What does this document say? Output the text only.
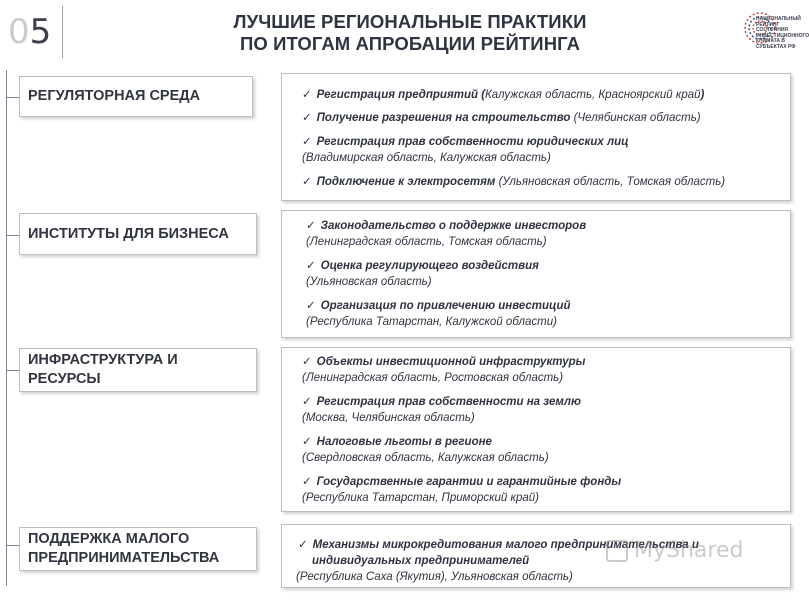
05	ЛУЧШИЕ РЕГИОНАЛЬНЫЕ ПРАКТИКИ
ПО ИТОГАМ АПРОБАЦИИ РЕЙТИНГА
НАЦИОНАЛЬНЫЙ РЕЙТИНГ СОСТОЯНИЯ ИНВЕСТИЦИОННОГО КЛИМАТА В СУБЪЕКТАХ РФ
РЕГУЛЯТОРНАЯ СРЕДА	✓ Регистрация предприятий (Калужская область, Красноярский край)
✓ Получение разрешения на строительство (Челябинская область)
✓ Регистрация прав собственности юридических лиц
(Владимирская область, Калужская область)
✓ Подключение к электросетям (Ульяновская область, Томская область)
ИНСТИТУТЫ ДЛЯ БИЗНЕСА	✓ Законодательство о поддержке инвесторов
(Ленинградская область, Томская область)
✓ Оценка регулирующего воздействия
(Ульяновская область)
✓ Организация по привлечению инвестиций
(Республика Татарстан, Калужской области)
ИНФРАСТРУКТУРА И
РЕСУРСЫ
✓ Объекты инвестиционной инфраструктуры
(Ленинградская область, Ростовская область)
✓ Регистрация прав собственности на землю
(Москва, Челябинская область)
✓ Налоговые льготы в регионе
(Свердловская область, Калужская область)
✓ Государственные гарантии и гарантийные фонды
(Республика Татарстан, Приморский край)
ПОДДЕРЖКА МАЛОГО
ПРЕДПРИНИМАТЕЛЬСТВА
✓ Механизмы микрокредитования малого предпринимательства и
индивидуальных предпринимателей
(Республика Саха (Якутия), Ульяновская область)
MyShared
